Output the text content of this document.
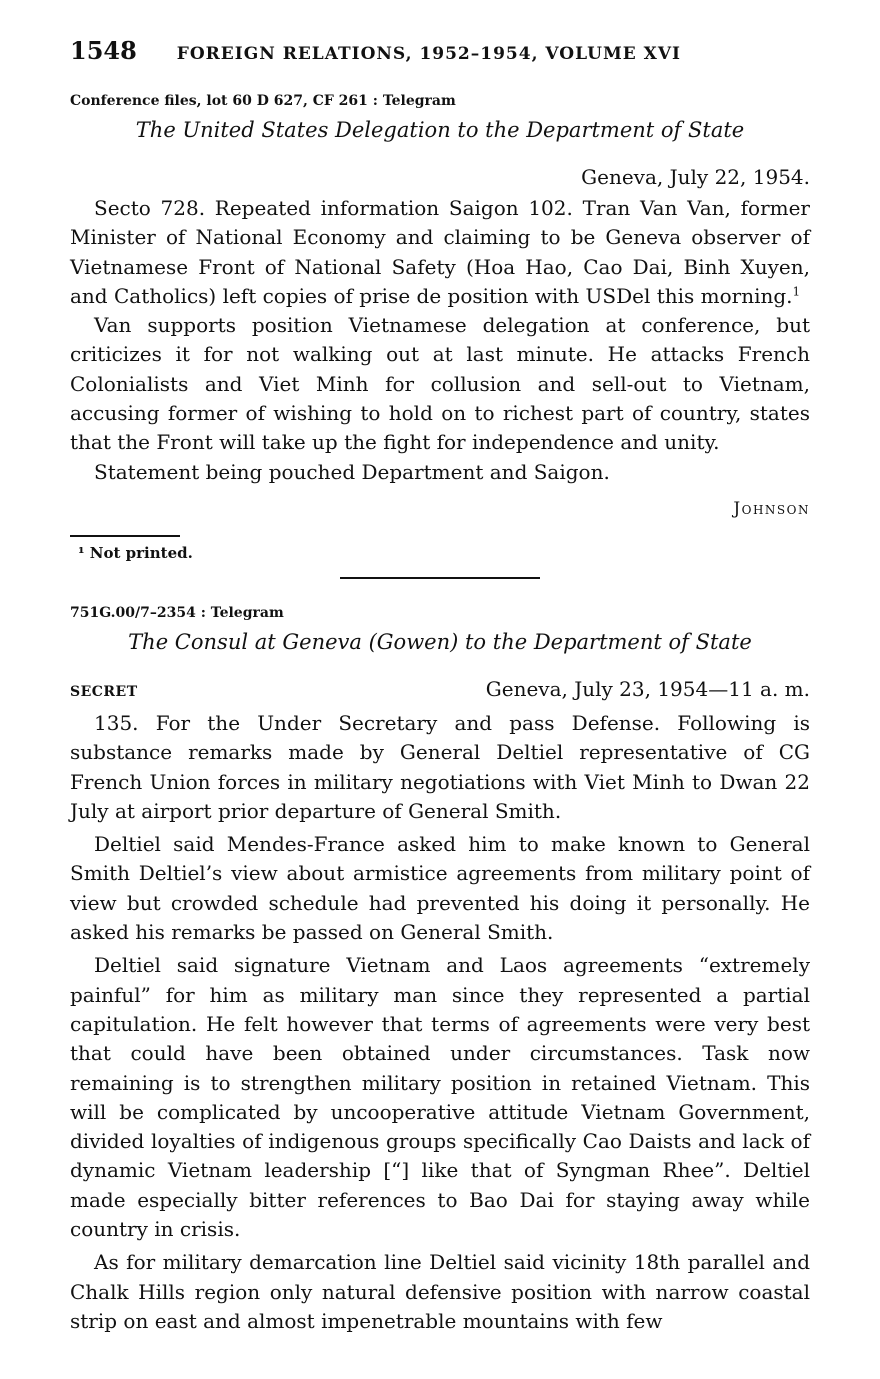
1548 FOREIGN RELATIONS, 1952–1954, VOLUME XVI
Conference files, lot 60 D 627, CF 261 : Telegram
The United States Delegation to the Department of State
Geneva, July 22, 1954.

Secto 728. Repeated information Saigon 102. Tran Van Van, former Minister of National Economy and claiming to be Geneva observer of Vietnamese Front of National Safety (Hoa Hao, Cao Dai, Binh Xuyen, and Catholics) left copies of prise de position with USDel this morning.$^1$

Van supports position Vietnamese delegation at conference, but criticizes it for not walking out at last minute. He attacks French Colonialists and Viet Minh for collusion and sell-out to Vietnam, accusing former of wishing to hold on to richest part of country, states that the Front will take up the fight for independence and unity.

Statement being pouched Department and Saigon.

Johnson
¹ Not printed.
751G.00/7–2354 : Telegram
The Consul at Geneva (Gowen) to the Department of State
SECRET	Geneva, July 23, 1954—11 a. m.

135. For the Under Secretary and pass Defense. Following is substance remarks made by General Deltiel representative of CG French Union forces in military negotiations with Viet Minh to Dwan 22 July at airport prior departure of General Smith.

Deltiel said Mendes-France asked him to make known to General Smith Deltiel’s view about armistice agreements from military point of view but crowded schedule had prevented his doing it personally. He asked his remarks be passed on General Smith.

Deltiel said signature Vietnam and Laos agreements “extremely painful” for him as military man since they represented a partial capitulation. He felt however that terms of agreements were very best that could have been obtained under circumstances. Task now remaining is to strengthen military position in retained Vietnam. This will be complicated by uncooperative attitude Vietnam Government, divided loyalties of indigenous groups specifically Cao Daists and lack of dynamic Vietnam leadership [“] like that of Syngman Rhee”. Deltiel made especially bitter references to Bao Dai for staying away while country in crisis.

As for military demarcation line Deltiel said vicinity 18th parallel and Chalk Hills region only natural defensive position with narrow coastal strip on east and almost impenetrable mountains with few
